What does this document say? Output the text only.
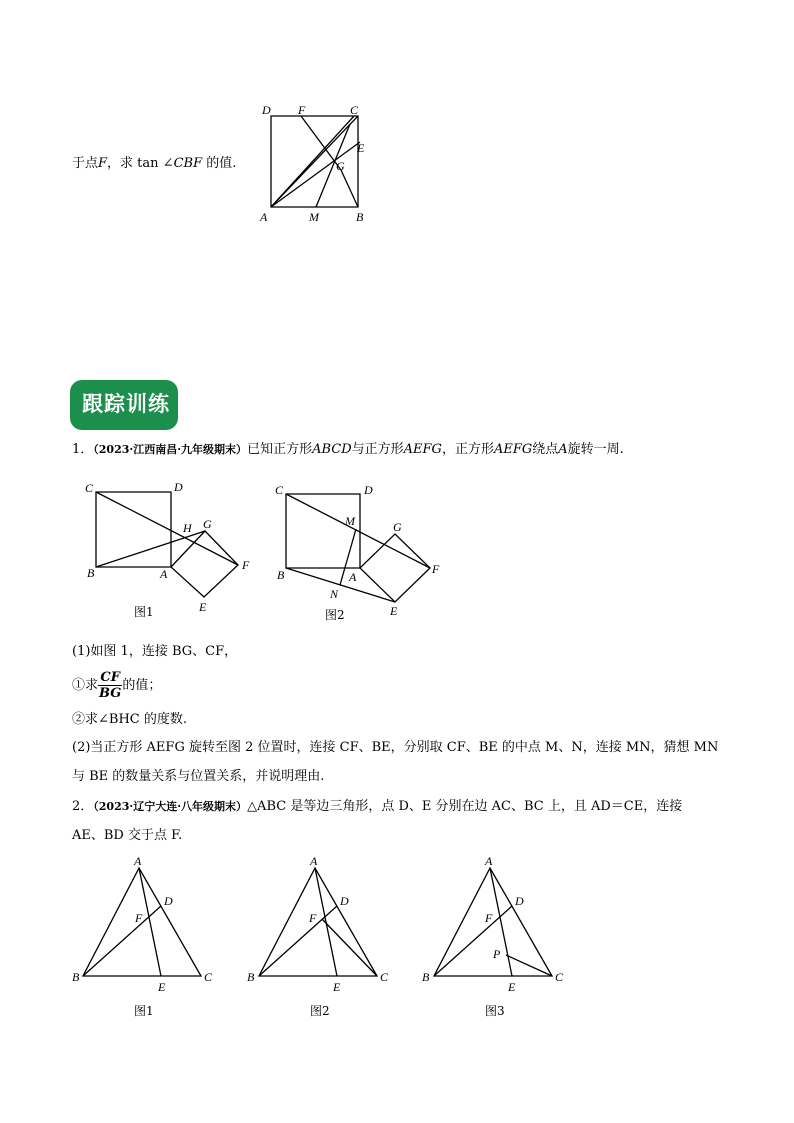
于点F，求 tan ∠CBF 的值.
D F	C
E
G
A	M	B
跟踪训练
1．（2023·江西南昌·九年级期末）已知正方形ABCD与正方形AEFG，正方形AEFG绕点A旋转一周.
C	D
H G
B	A
F
E
图1
C	D
M	G
B	A
F
N
E
图2
(1)如图 1，连接 BG、CF，
①求 $\frac{CF}{BG}$ 的值；
②求∠BHC 的度数.
(2)当正方形 AEFG 旋转至图 2 位置时，连接 CF、BE，分别取 CF、BE 的中点 M、N，连接 MN，猜想 MN
与 BE 的数量关系与位置关系，并说明理由.
2．（2023·辽宁大连·八年级期末）△ABC 是等边三角形，点 D、E 分别在边 AC、BC 上，且 AD＝CE，连接
AE、BD 交于点 F.
A
D
F
B
E
C
图1
A
D
F
B
E
C
图2
A
D
F
P
B
E
C
图3
